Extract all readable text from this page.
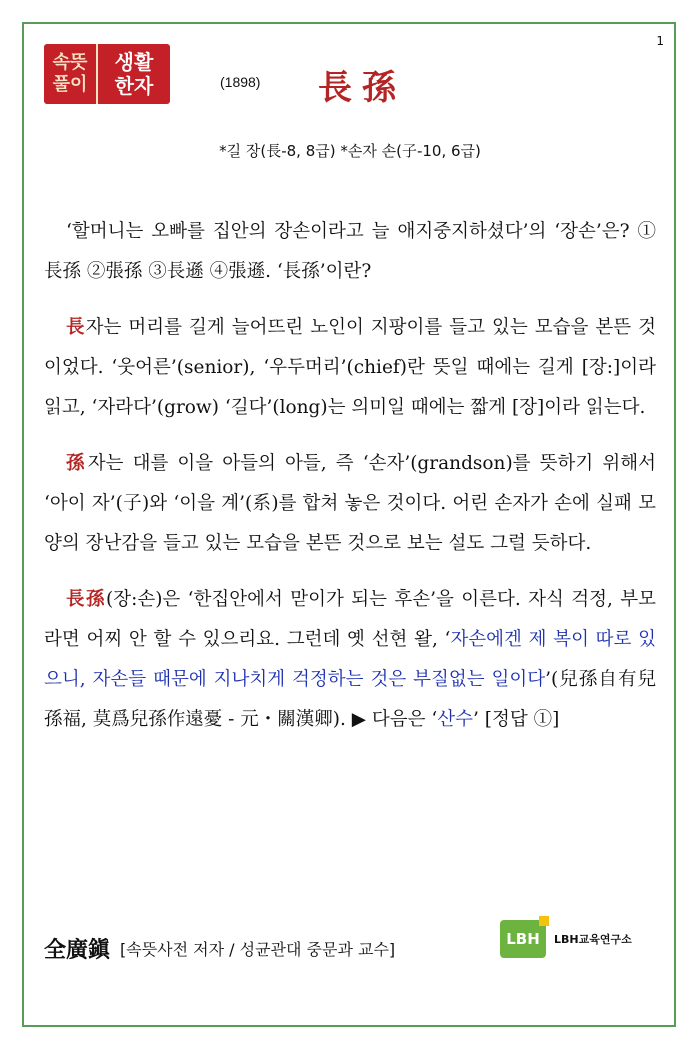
1
속뜻
풀이
생활
한자	(1898) 長孫
*길 장(長-8, 8급) *손자 손(子-10, 6급)

‘할머니는 오빠를 집안의 장손이라고 늘 애지중지하셨다’의 ‘장손’은? ①長孫 ②張孫 ③長遜 ④張遜. ‘長孫’이란?

長자는 머리를 길게 늘어뜨린 노인이 지팡이를 들고 있는 모습을 본뜬 것이었다. ‘웃어른’(senior), ‘우두머리’(chief)란 뜻일 때에는 길게 [장:]이라 읽고, ‘자라다’(grow) ‘길다’(long)는 의미일 때에는 짧게 [장]이라 읽는다.

孫자는 대를 이을 아들의 아들, 즉 ‘손자’(grandson)를 뜻하기 위해서 ‘아이 자’(子)와 ‘이을 계’(系)를 합쳐 놓은 것이다. 어린 손자가 손에 실패 모양의 장난감을 들고 있는 모습을 본뜬 것으로 보는 설도 그럴 듯하다.

長孫(장:손)은 ‘한집안에서 맏이가 되는 후손’을 이른다. 자식 걱정, 부모라면 어찌 안 할 수 있으리요. 그런데 옛 선현 왈, ‘자손에겐 제 복이 따로 있으니, 자손들 때문에 지나치게 걱정하는 것은 부질없는 일이다’(兒孫自有兒孫福, 莫爲兒孫作遠憂 - 元・關漢卿). ▶ 다음은 ‘산수’ [정답 ①]

全廣鎭 [속뜻사전 저자 / 성균관대 중문과 교수]
LBH	LBH교육연구소
